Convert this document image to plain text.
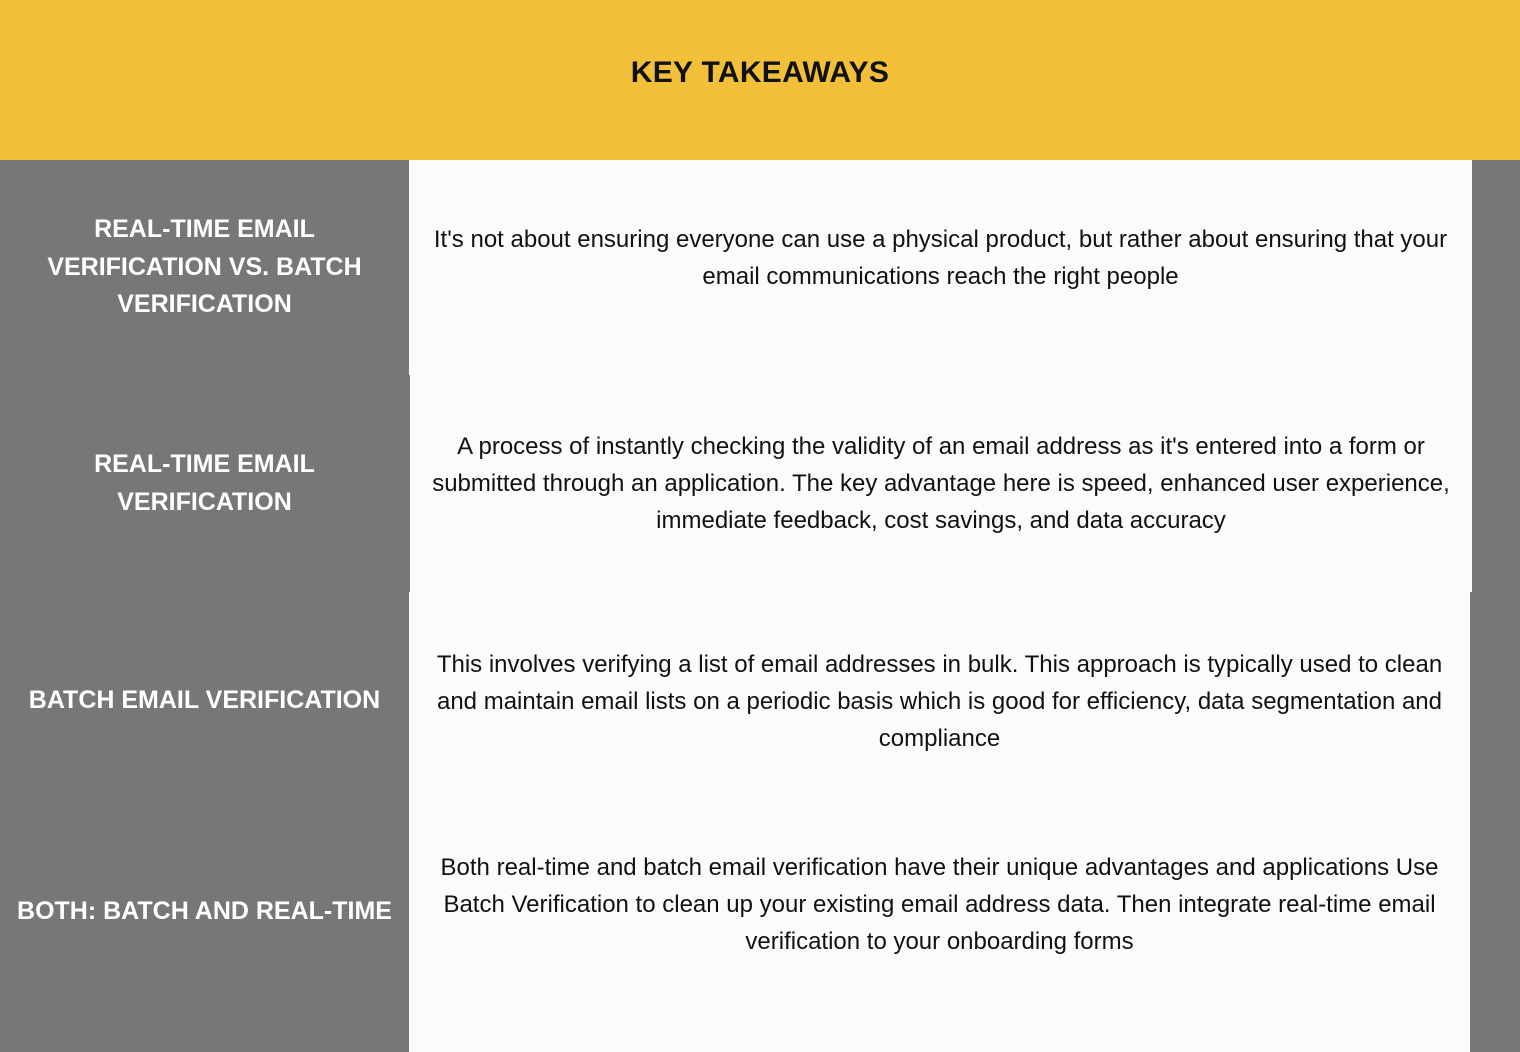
KEY TAKEAWAYS
REAL-TIME EMAIL VERIFICATION VS. BATCH VERIFICATION
It's not about ensuring everyone can use a physical product, but rather about ensuring that your email communications reach the right people
REAL-TIME EMAIL VERIFICATION
A process of instantly checking the validity of an email address as it's entered into a form or submitted through an application. The key advantage here is speed, enhanced user experience, immediate feedback, cost savings, and data accuracy
BATCH EMAIL VERIFICATION
This involves verifying a list of email addresses in bulk. This approach is typically used to clean and maintain email lists on a periodic basis which is good for efficiency, data segmentation and compliance
BOTH: BATCH AND REAL-TIME
Both real-time and batch email verification have their unique advantages and applications Use Batch Verification to clean up your existing email address data. Then integrate real-time email verification to your onboarding forms
